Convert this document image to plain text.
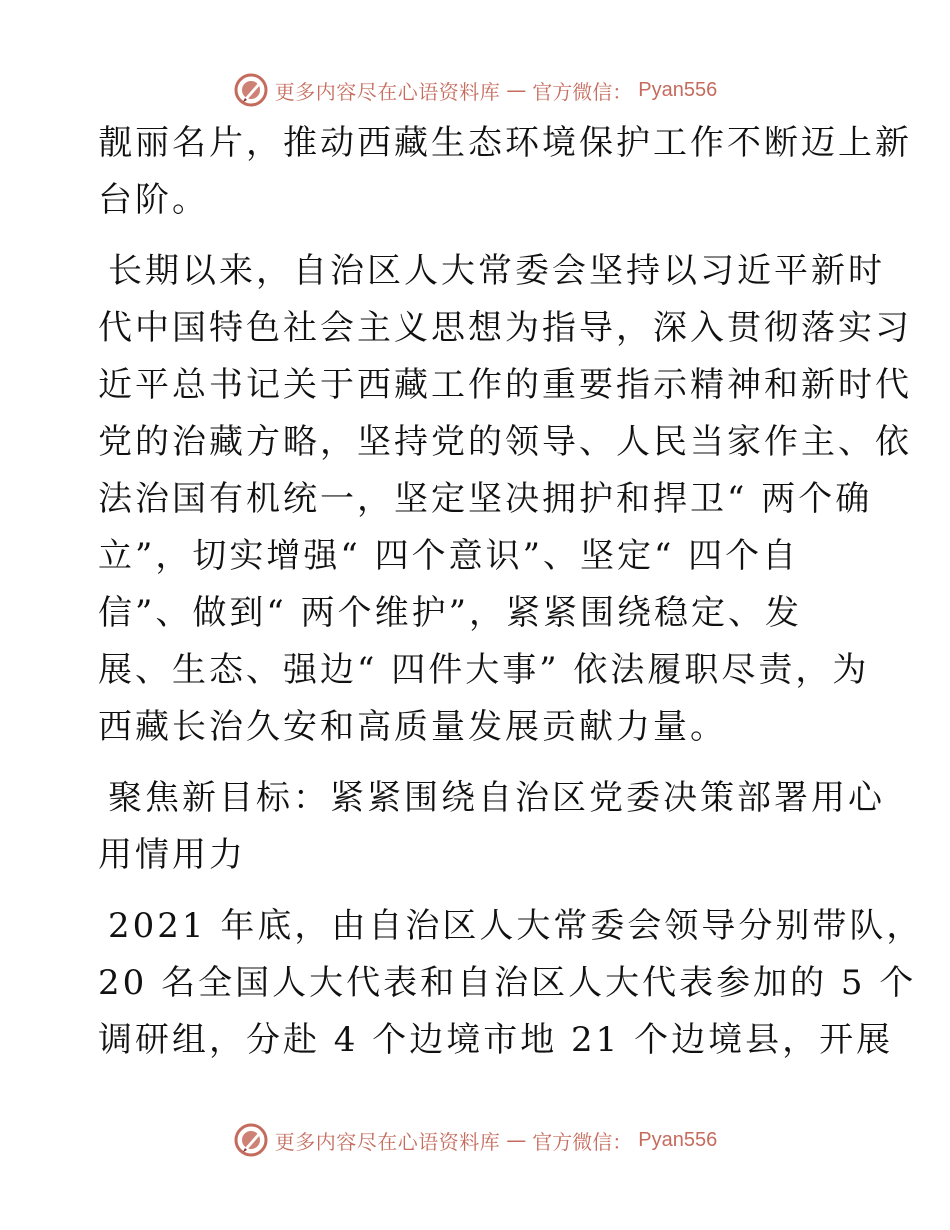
更多内容尽在心语资料库 — 官方微信： Pyan556

靓丽名片，推动西藏生态环境保护工作不断迈上新
台阶。

长期以来，自治区人大常委会坚持以习近平新时
代中国特色社会主义思想为指导，深入贯彻落实习
近平总书记关于西藏工作的重要指示精神和新时代
党的治藏方略，坚持党的领导、人民当家作主、依
法治国有机统一，坚定坚决拥护和捍卫“ 两个确
立”，切实增强“ 四个意识”、坚定“ 四个自
信”、做到“ 两个维护”，紧紧围绕稳定、发
展、生态、强边“ 四件大事” 依法履职尽责，为
西藏长治久安和高质量发展贡献力量。

聚焦新目标：紧紧围绕自治区党委决策部署用心
用情用力

2021 年底，由自治区人大常委会领导分别带队，
20 名全国人大代表和自治区人大代表参加的 5 个
调研组，分赴 4 个边境市地 21 个边境县，开展

更多内容尽在心语资料库 — 官方微信： Pyan556
